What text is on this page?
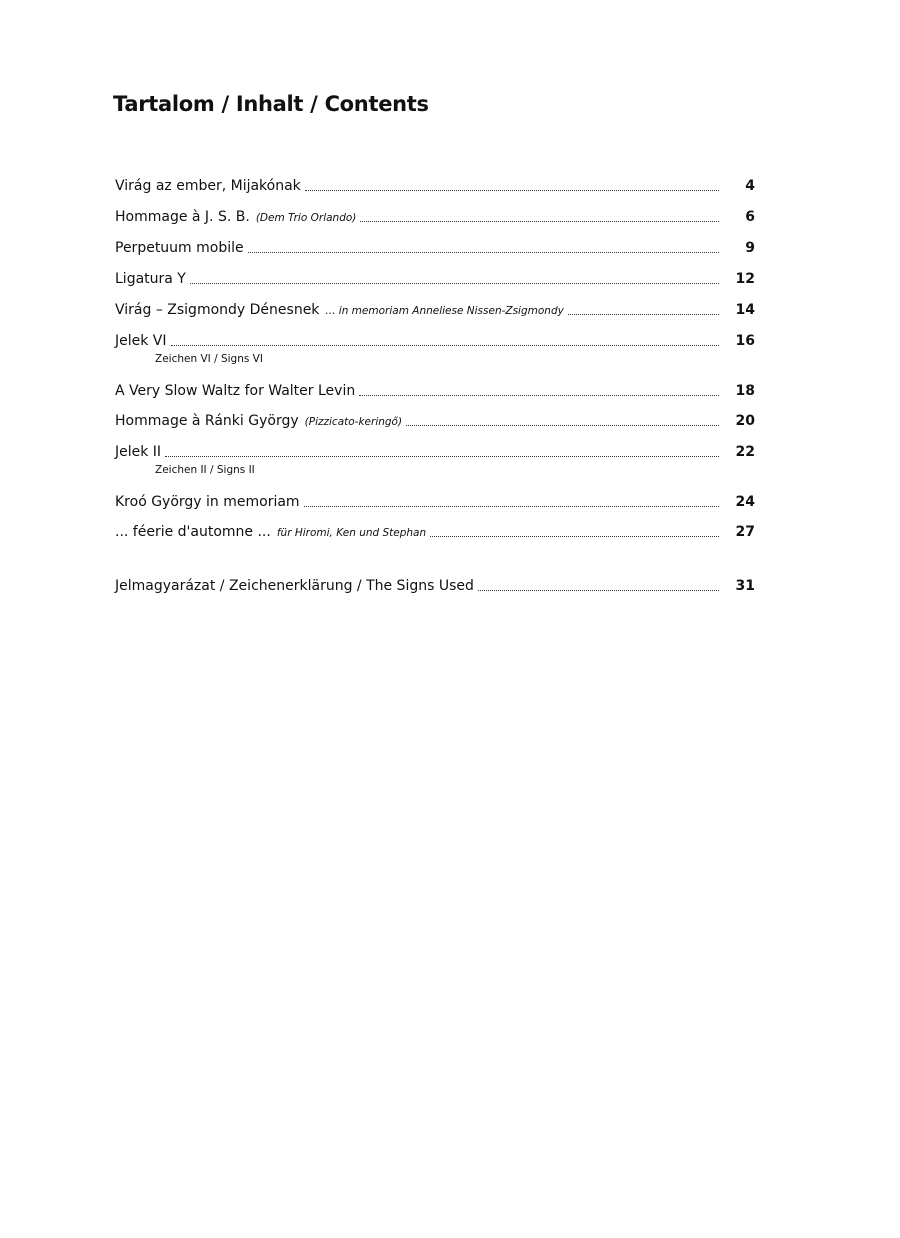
Tartalom / Inhalt / Contents
Virág az ember, Mijakónak	4
Hommage à J. S. B. (Dem Trio Orlando)	6
Perpetuum mobile	9
Ligatura Y	12
Virág – Zsigmondy Dénesnek ... in memoriam Anneliese Nissen-Zsigmondy	14
Jelek VI	16
Zeichen VI / Signs VI
A Very Slow Waltz for Walter Levin	18
Hommage à Ránki György (Pizzicato-keringő)	20
Jelek II	22
Zeichen II / Signs II
Kroó György in memoriam	24
... féerie d'automne ... für Hiromi, Ken und Stephan	27
Jelmagyarázat / Zeichenerklärung / The Signs Used	31
